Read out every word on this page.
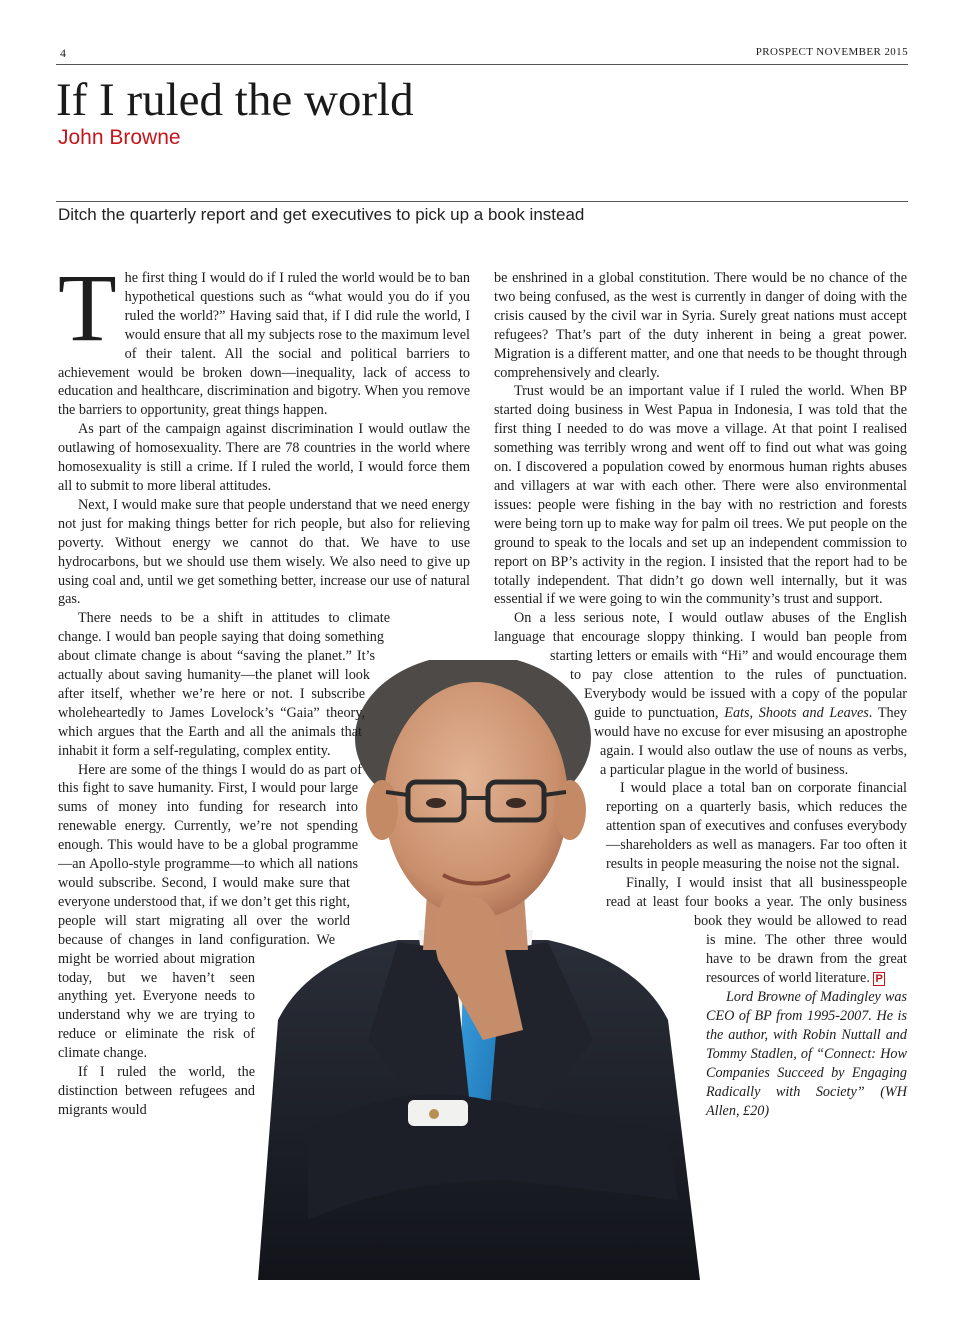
4	PROSPECT NOVEMBER 2015
If I ruled the world
John Browne
Ditch the quarterly report and get executives to pick up a book instead

The first thing I would do if I ruled the world would be to ban hypothetical questions such as “what would you do if you ruled the world?” Having said that, if I did rule the world, I would ensure that all my subjects rose to the maximum level of their talent. All the social and political barriers to achievement would be broken down—inequality, lack of access to education and healthcare, discrimination and bigotry. When you remove the barriers to opportunity, great things happen.

As part of the campaign against discrimination I would outlaw the outlawing of homosexuality. There are 78 countries in the world where homosexuality is still a crime. If I ruled the world, I would force them all to submit to more liberal attitudes.

Next, I would make sure that people understand that we need energy not just for making things better for rich people, but also for relieving poverty. Without energy we cannot do that. We have to use hydrocarbons, but we should use them wisely. We also need to give up using coal and, until we get something better, increase our use of natural gas.

There needs to be a shift in attitudes to climate change. I would ban people saying that doing something about climate change is about “saving the planet.” It’s actually about saving humanity—the planet will look after itself, whether we’re here or not. I subscribe wholeheartedly to James Lovelock’s “Gaia” theory, which argues that the Earth and all the animals that inhabit it form a self-regulating, complex entity.

Here are some of the things I would do as part of this fight to save humanity. First, I would pour large sums of money into funding for research into renewable energy. Currently, we’re not spending enough. This would have to be a global programme—an Apollo-style programme—to which all nations would subscribe. Second, I would make sure that everyone understood that, if we don’t get this right, people will start migrating all over the world because of changes in land configuration. We might be worried about migration today, but we haven’t seen anything yet. Everyone needs to understand why we are trying to reduce or eliminate the risk of climate change.

If I ruled the world, the distinction between refugees and migrants would

be enshrined in a global constitution. There would be no chance of the two being confused, as the west is currently in danger of doing with the crisis caused by the civil war in Syria. Surely great nations must accept refugees? That’s part of the duty inherent in being a great power. Migration is a different matter, and one that needs to be thought through comprehensively and clearly.

Trust would be an important value if I ruled the world. When BP started doing business in West Papua in Indonesia, I was told that the first thing I needed to do was move a village. At that point I realised something was terribly wrong and went off to find out what was going on. I discovered a population cowed by enormous human rights abuses and villagers at war with each other. There were also environmental issues: people were fishing in the bay with no restriction and forests were being torn up to make way for palm oil trees. We put people on the ground to speak to the locals and set up an independent commission to report on BP’s activity in the region. I insisted that the report had to be totally independent. That didn’t go down well internally, but it was essential if we were going to win the community’s trust and support.

On a less serious note, I would outlaw abuses of the English language that encourage sloppy thinking. I would ban people from starting letters or emails with “Hi” and would encourage them to pay close attention to the rules of punctuation. Everybody would be issued with a copy of the popular guide to punctuation, Eats, Shoots and Leaves. They would have no excuse for ever misusing an apostrophe again. I would also outlaw the use of nouns as verbs, a particular plague in the world of business.

I would place a total ban on corporate financial reporting on a quarterly basis, which reduces the attention span of executives and confuses everybody—shareholders as well as managers. Far too often it results in people measuring the noise not the signal.

Finally, I would insist that all businesspeople read at least four books a year. The only business book they would be allowed to read is mine. The other three would have to be drawn from the great resources of world literature. P

Lord Browne of Madingley was CEO of BP from 1995-2007. He is the author, with Robin Nuttall and Tommy Stadlen, of “Connect: How Companies Succeed by Engaging Radically with Society” (WH Allen, £20)
